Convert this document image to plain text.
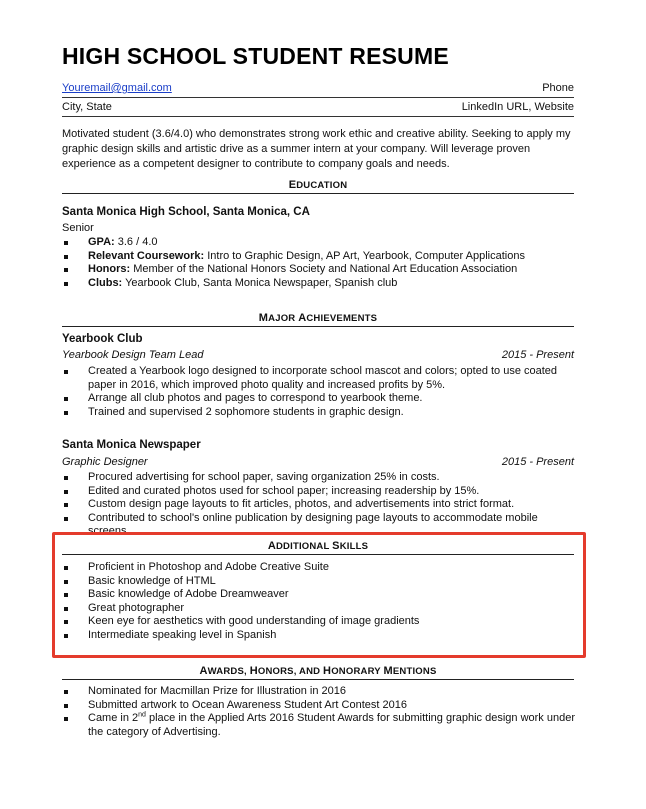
HIGH SCHOOL STUDENT RESUME
Youremail@gmail.com	Phone
City, State	LinkedIn URL, Website
Motivated student (3.6/4.0) who demonstrates strong work ethic and creative ability. Seeking to apply my graphic design skills and artistic drive as a summer intern at your company. Will leverage proven experience as a competent designer to contribute to company goals and needs.
EDUCATION
Santa Monica High School, Santa Monica, CA
Senior
GPA: 3.6 / 4.0
Relevant Coursework: Intro to Graphic Design, AP Art, Yearbook, Computer Applications
Honors: Member of the National Honors Society and National Art Education Association
Clubs: Yearbook Club, Santa Monica Newspaper, Spanish club
MAJOR ACHIEVEMENTS
Yearbook Club
Yearbook Design Team Lead	2015 - Present
Created a Yearbook logo designed to incorporate school mascot and colors; opted to use coated paper in 2016, which improved photo quality and increased profits by 5%.
Arrange all club photos and pages to correspond to yearbook theme.
Trained and supervised 2 sophomore students in graphic design.
Santa Monica Newspaper
Graphic Designer	2015 - Present
Procured advertising for school paper, saving organization 25% in costs.
Edited and curated photos used for school paper; increasing readership by 15%.
Custom design page layouts to fit articles, photos, and advertisements into strict format.
Contributed to school's online publication by designing page layouts to accommodate mobile screens.
ADDITIONAL SKILLS
Proficient in Photoshop and Adobe Creative Suite
Basic knowledge of HTML
Basic knowledge of Adobe Dreamweaver
Great photographer
Keen eye for aesthetics with good understanding of image gradients
Intermediate speaking level in Spanish
AWARDS, HONORS, AND HONORARY MENTIONS
Nominated for Macmillan Prize for Illustration in 2016
Submitted artwork to Ocean Awareness Student Art Contest 2016
Came in 2nd place in the Applied Arts 2016 Student Awards for submitting graphic design work under the category of Advertising.
